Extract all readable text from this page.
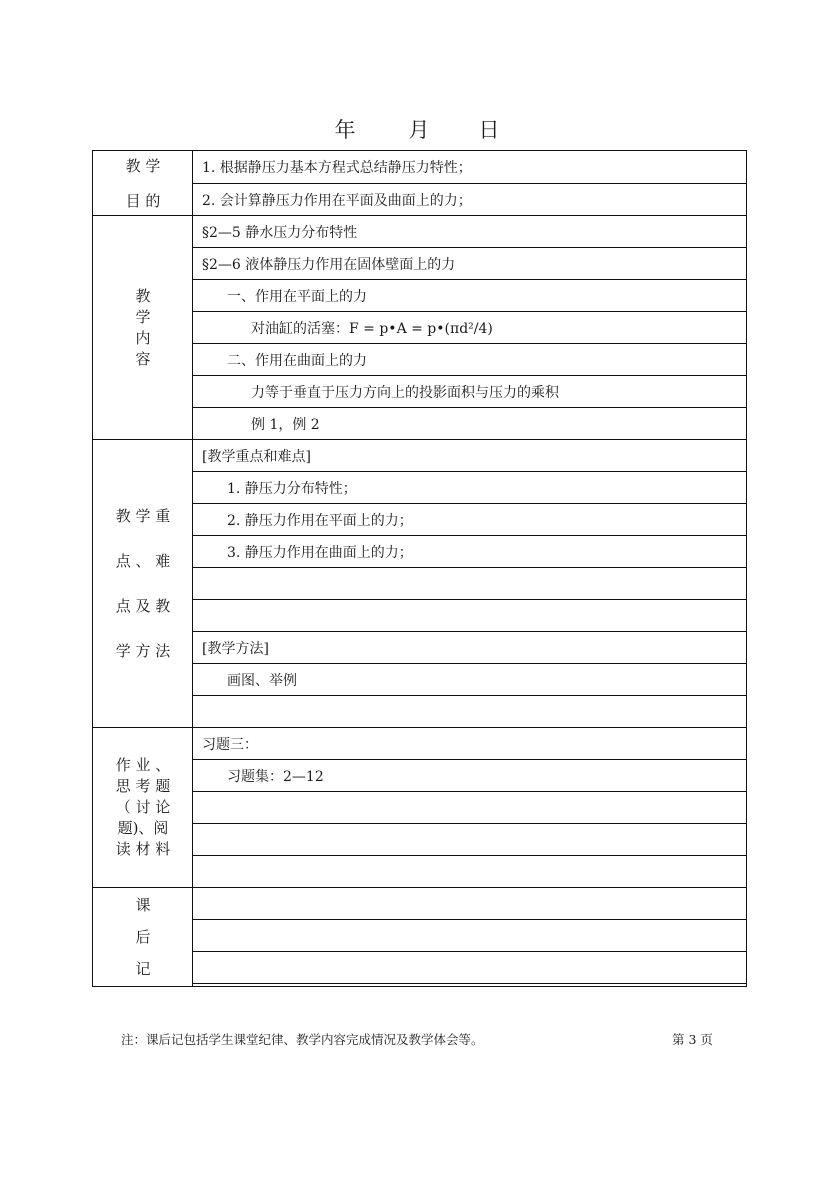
年 月 日
教 学
目 的
教
学
内
容
教 学 重
点 、 难
点 及 教
学 方 法
作 业 、
思 考 题
（ 讨 论
题)、阅
读 材 料
课
后
记
1. 根据静压力基本方程式总结静压力特性；
2. 会计算静压力作用在平面及曲面上的力；
§2—5 静水压力分布特性
§2—6 液体静压力作用在固体壁面上的力
一、作用在平面上的力
对油缸的活塞：F = p•A = p•(πd²/4)
二、作用在曲面上的力
力等于垂直于压力方向上的投影面积与压力的乘积
例 1，例 2
[教学重点和难点]
1. 静压力分布特性；
2. 静压力作用在平面上的力；
3. 静压力作用在曲面上的力；
[教学方法]
画图、举例
习题三：
习题集：2—12
注：课后记包括学生课堂纪律、教学内容完成情况及教学体会等。	第 3 页
